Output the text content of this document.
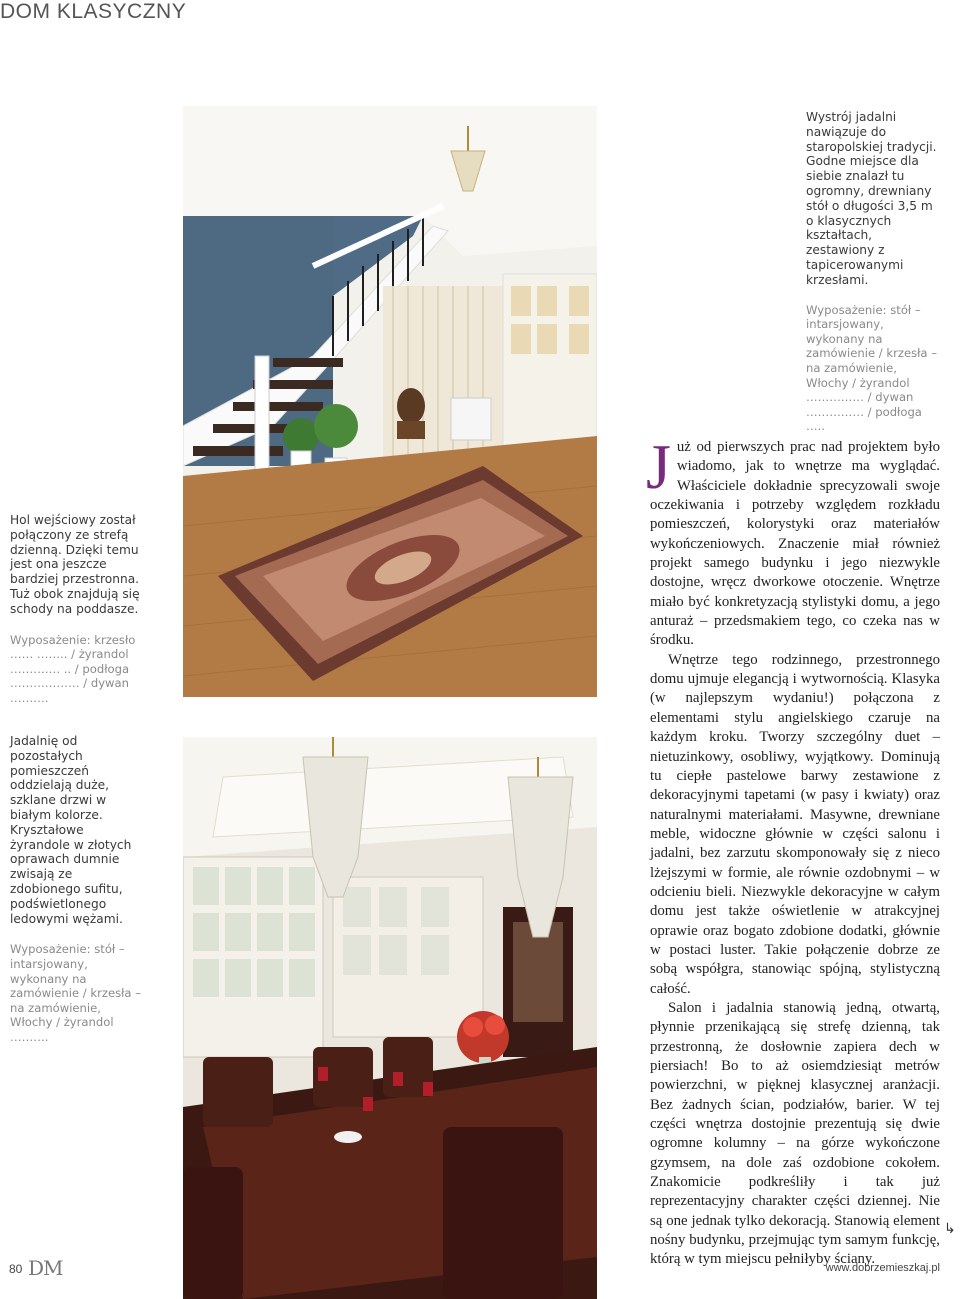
DOM KLASYCZNY

Wystrój jadalni nawiązuje do staropolskiej tradycji. Godne miejsce dla siebie znalazł tu ogromny, drewniany stół o długości 3,5 m o klasycznych kształtach, zestawiony z tapicerowanymi krzesłami.

Wyposażenie: stół – intarsjowany, wykonany na zamówienie / krzesła – na zamówienie, Włochy / żyrandol …………… / dywan …………… / podłoga …..

Hol wejściowy został połączony ze strefą dzienną. Dzięki temu jest ona jeszcze bardziej przestronna. Tuż obok znajdują się schody na poddasze.

Wyposażenie: krzesło …… …….. / żyrandol …………. .. / podłoga ……………… / dywan ……….

Jadalnię od pozostałych pomieszczeń oddzielają duże, szklane drzwi w białym kolorze. Kryształowe żyrandole w złotych oprawach dumnie zwisają ze zdobionego sufitu, podświetlonego ledowymi wężami.

Wyposażenie: stół – intarsjowany, wykonany na zamówienie / krzesła – na zamówienie, Włochy / żyrandol ……….

Już od pierwszych prac nad projektem było wiadomo, jak to wnętrze ma wyglądać. Właściciele dokładnie sprecyzowali swoje oczekiwania i potrzeby względem rozkładu pomieszczeń, kolorystyki oraz materiałów wykończeniowych. Znaczenie miał również projekt samego budynku i jego niezwykle dostojne, wręcz dworkowe otoczenie. Wnętrze miało być konkretyzacją stylistyki domu, a jego anturaż – przedsmakiem tego, co czeka nas w środku.

Wnętrze tego rodzinnego, przestronnego domu ujmuje elegancją i wytwornością. Klasyka (w najlepszym wydaniu!) połączona z elementami stylu angielskiego czaruje na każdym kroku. Tworzy szczególny duet – nietuzinkowy, osobliwy, wyjątkowy. Dominują tu ciepłe pastelowe barwy zestawione z dekoracyjnymi tapetami (w pasy i kwiaty) oraz naturalnymi materiałami. Masywne, drewniane meble, widoczne głównie w części salonu i jadalni, bez zarzutu skomponowały się z nieco lżejszymi w formie, ale równie ozdobnymi – w odcieniu bieli. Niezwykle dekoracyjne w całym domu jest także oświetlenie w atrakcyjnej oprawie oraz bogato zdobione dodatki, głównie w postaci luster. Takie połączenie dobrze ze sobą współgra, stanowiąc spójną, stylistyczną całość.

Salon i jadalnia stanowią jedną, otwartą, płynnie przenikającą się strefę dzienną, tak przestronną, że dosłownie zapiera dech w piersiach! Bo to aż osiemdziesiąt metrów powierzchni, w pięknej klasycznej aranżacji. Bez żadnych ścian, podziałów, barier. W tej części wnętrza dostojnie prezentują się dwie ogromne kolumny – na górze wykończone gzymsem, na dole zaś ozdobione cokołem. Znakomicie podkreśliły i tak już reprezentacyjny charakter części dziennej. Nie są one jednak tylko dekoracją. Stanowią element nośny budynku, przejmując tym samym funkcję, którą w tym miejscu pełniłyby ściany.

↳
80 DM	www.dobrzemieszkaj.pl
